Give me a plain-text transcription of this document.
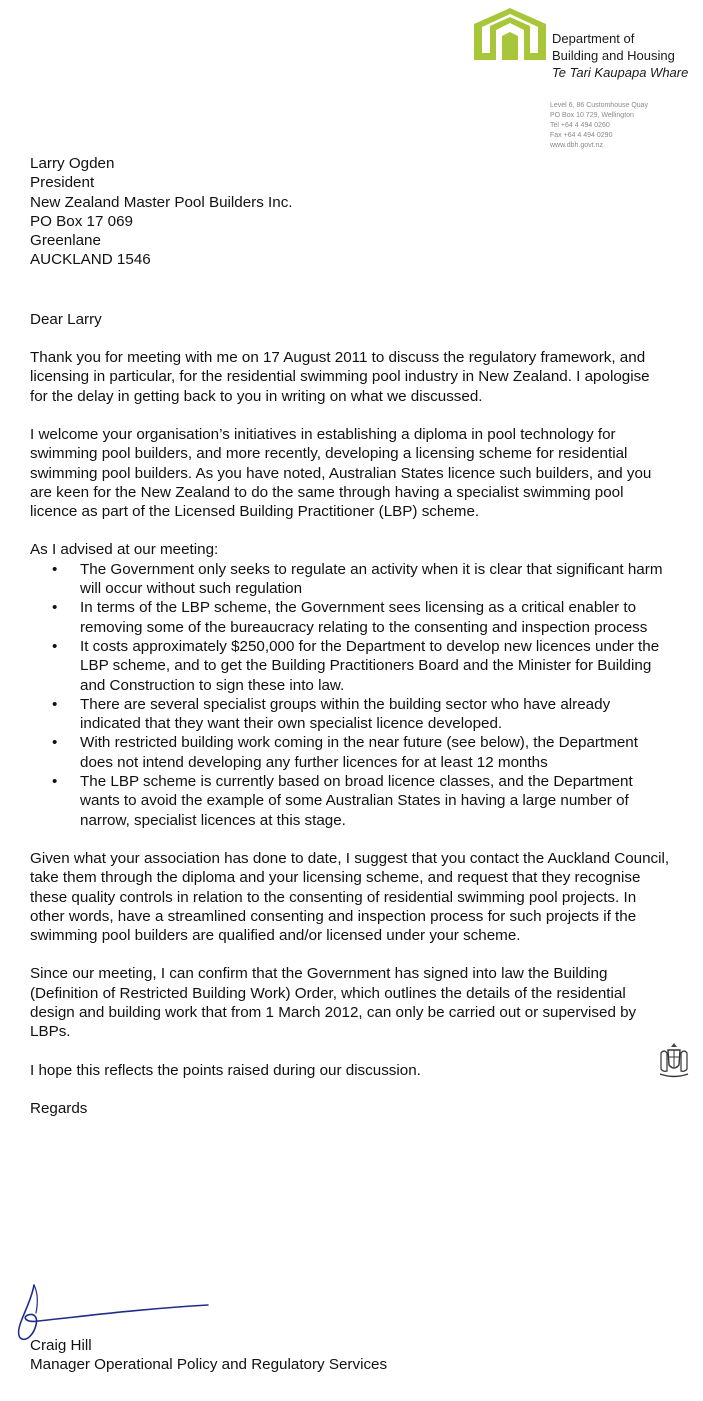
Department of
Building and Housing
Te Tari Kaupapa Whare
Level 6, 86 Customhouse Quay
PO Box 10 729, Wellington
Tel +64 4 494 0260
Fax +64 4 494 0290
www.dbh.govt.nz
Larry Ogden
President
New Zealand Master Pool Builders Inc.
PO Box 17 069
Greenlane
AUCKLAND 1546

Dear Larry

Thank you for meeting with me on 17 August 2011 to discuss the regulatory framework, and licensing in particular, for the residential swimming pool industry in New Zealand. I apologise for the delay in getting back to you in writing on what we discussed.

I welcome your organisation’s initiatives in establishing a diploma in pool technology for swimming pool builders, and more recently, developing a licensing scheme for residential swimming pool builders. As you have noted, Australian States licence such builders, and you are keen for the New Zealand to do the same through having a specialist swimming pool licence as part of the Licensed Building Practitioner (LBP) scheme.

As I advised at our meeting:

• The Government only seeks to regulate an activity when it is clear that significant harm will occur without such regulation
• In terms of the LBP scheme, the Government sees licensing as a critical enabler to removing some of the bureaucracy relating to the consenting and inspection process
• It costs approximately $250,000 for the Department to develop new licences under the LBP scheme, and to get the Building Practitioners Board and the Minister for Building and Construction to sign these into law.
• There are several specialist groups within the building sector who have already indicated that they want their own specialist licence developed.
• With restricted building work coming in the near future (see below), the Department does not intend developing any further licences for at least 12 months
• The LBP scheme is currently based on broad licence classes, and the Department wants to avoid the example of some Australian States in having a large number of narrow, specialist licences at this stage.

Given what your association has done to date, I suggest that you contact the Auckland Council, take them through the diploma and your licensing scheme, and request that they recognise these quality controls in relation to the consenting of residential swimming pool projects. In other words, have a streamlined consenting and inspection process for such projects if the swimming pool builders are qualified and/or licensed under your scheme.

Since our meeting, I can confirm that the Government has signed into law the Building (Definition of Restricted Building Work) Order, which outlines the details of the residential design and building work that from 1 March 2012, can only be carried out or supervised by LBPs.

I hope this reflects the points raised during our discussion.

Regards

Craig Hill
Manager Operational Policy and Regulatory Services
